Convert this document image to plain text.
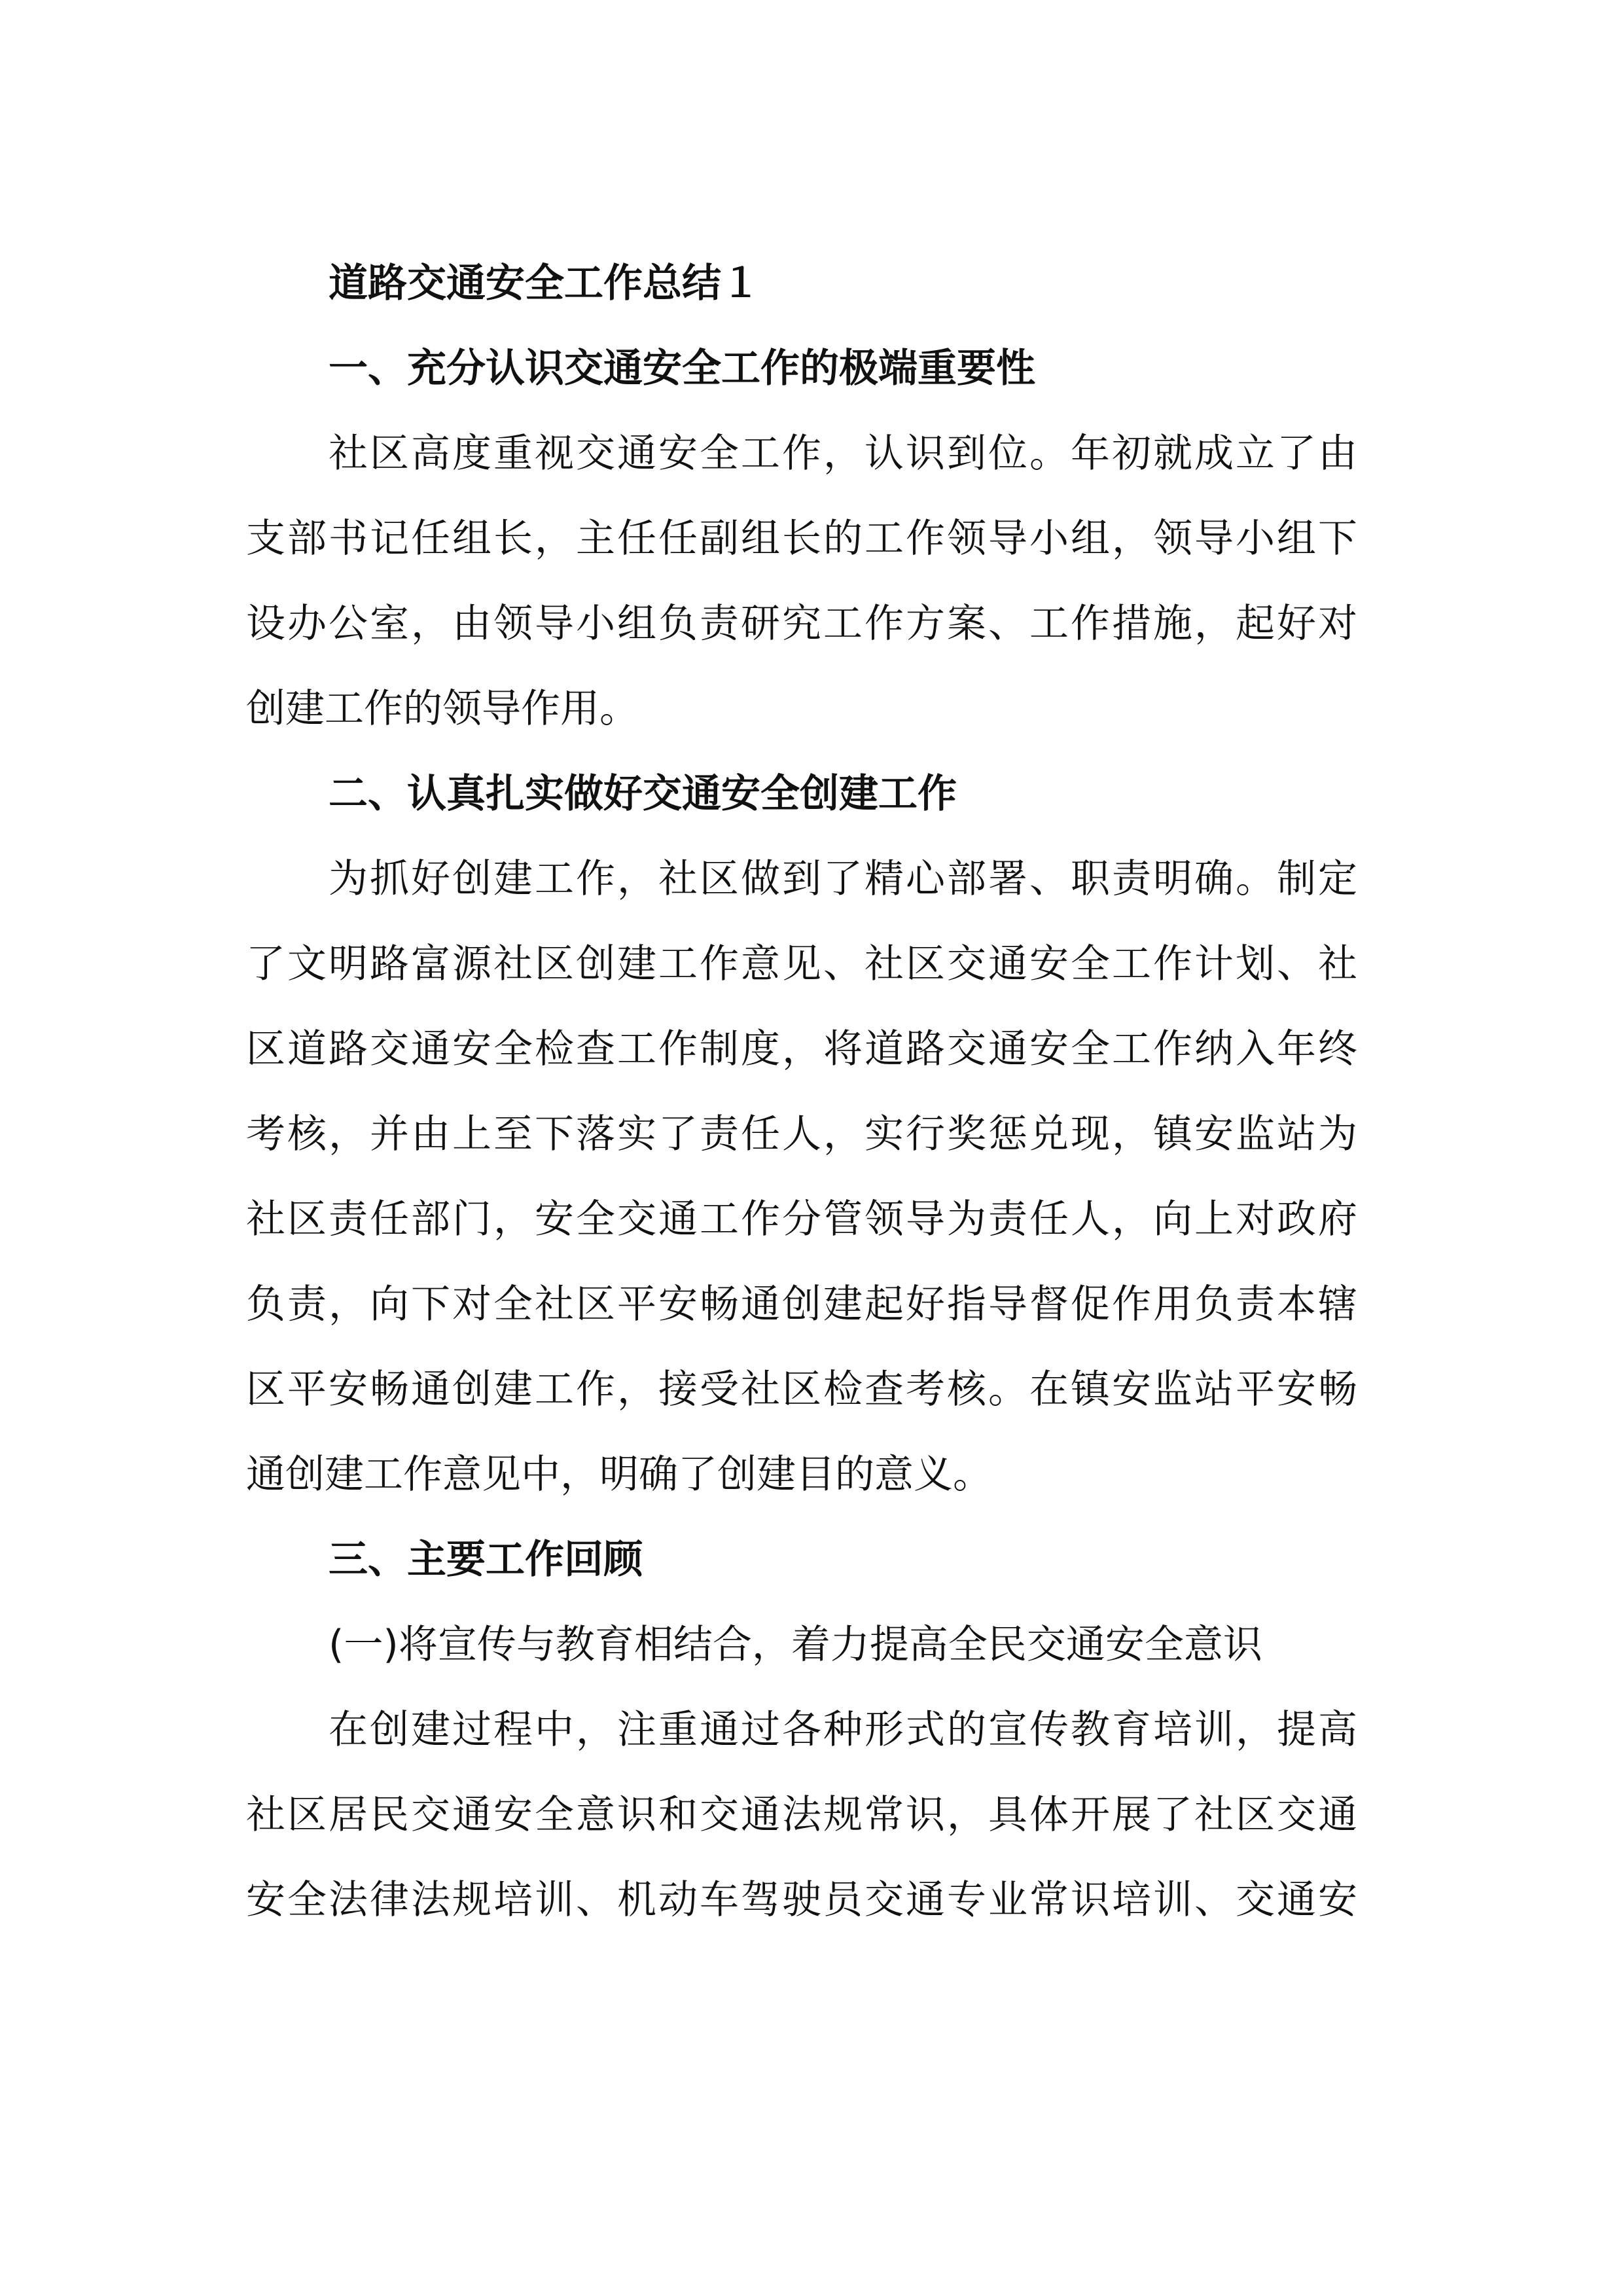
道路交通安全工作总结１

一、充分认识交通安全工作的极端重要性

社区高度重视交通安全工作，认识到位。年初就成立了由

支部书记任组长，主任任副组长的工作领导小组，领导小组下

设办公室，由领导小组负责研究工作方案、工作措施，起好对

创建工作的领导作用。

二、认真扎实做好交通安全创建工作

为抓好创建工作，社区做到了精心部署、职责明确。制定

了文明路富源社区创建工作意见、社区交通安全工作计划、社

区道路交通安全检查工作制度，将道路交通安全工作纳入年终

考核，并由上至下落实了责任人，实行奖惩兑现，镇安监站为

社区责任部门，安全交通工作分管领导为责任人，向上对政府

负责，向下对全社区平安畅通创建起好指导督促作用负责本辖

区平安畅通创建工作，接受社区检查考核。在镇安监站平安畅

通创建工作意见中，明确了创建目的意义。

三、主要工作回顾

(一)将宣传与教育相结合，着力提高全民交通安全意识

在创建过程中，注重通过各种形式的宣传教育培训，提高

社区居民交通安全意识和交通法规常识，具体开展了社区交通

安全法律法规培训、机动车驾驶员交通专业常识培训、交通安
